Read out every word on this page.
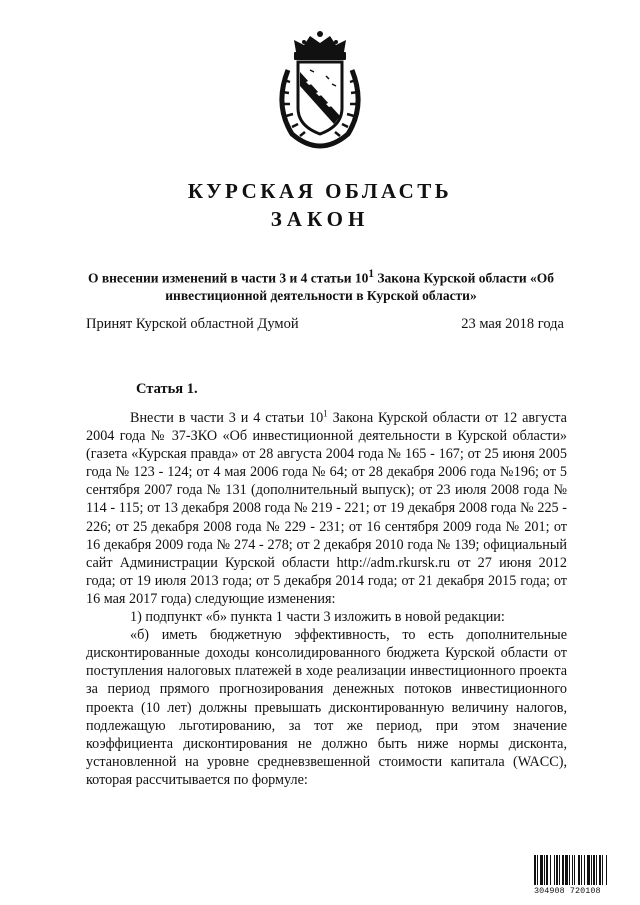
КУРСКАЯ ОБЛАСТЬ
ЗАКОН
О внесении изменений в части 3 и 4 статьи $10^1$ Закона Курской области «Об инвестиционной деятельности в Курской области»
Принят Курской областной Думой	23 мая 2018 года
Статья 1.

Внести в части 3 и 4 статьи $10^1$ Закона Курской области от 12 августа 2004 года № 37-ЗКО «Об инвестиционной деятельности в Курской области» (газета «Курская правда» от 28 августа 2004 года № 165 - 167; от 25 июня 2005 года № 123 - 124; от 4 мая 2006 года № 64; от 28 декабря 2006 года №196; от 5 сентября 2007 года № 131 (дополнительный выпуск); от 23 июля 2008 года № 114 - 115; от 13 декабря 2008 года № 219 - 221; от 19 декабря 2008 года № 225 - 226; от 25 декабря 2008 года № 229 - 231; от 16 сентября 2009 года № 201; от 16 декабря 2009 года № 274 - 278; от 2 декабря 2010 года № 139; официальный сайт Администрации Курской области http://adm.rkursk.ru от 27 июня 2012 года; от 19 июля 2013 года; от 5 декабря 2014 года; от 21 декабря 2015 года; от 16 мая 2017 года) следующие изменения:

1) подпункт «б» пункта 1 части 3 изложить в новой редакции:

«б) иметь бюджетную эффективность, то есть дополнительные дисконтированные доходы консолидированного бюджета Курской области от поступления налоговых платежей в ходе реализации инвестиционного проекта за период прямого прогнозирования денежных потоков инвестиционного проекта (10 лет) должны превышать дисконтированную величину налогов, подлежащую льготированию, за тот же период, при этом значение коэффициента дисконтирования не должно быть ниже нормы дисконта, установленной на уровне средневзвешенной стоимости капитала (WACC), которая рассчитывается по формуле:

304908 720108
